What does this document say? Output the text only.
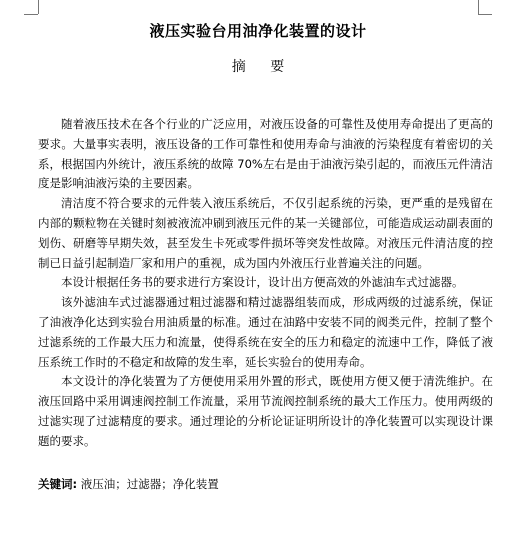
液压实验台用油净化装置的设计
摘 要

随着液压技术在各个行业的广泛应用，对液压设备的可靠性及使用寿命提出了更高的要求。大量事实表明，液压设备的工作可靠性和使用寿命与油液的污染程度有着密切的关系，根据国内外统计，液压系统的故障 70%左右是由于油液污染引起的，而液压元件清洁度是影响油液污染的主要因素。

清洁度不符合要求的元件装入液压系统后，不仅引起系统的污染，更严重的是残留在内部的颗粒物在关键时刻被液流冲刷到液压元件的某一关键部位，可能造成运动副表面的划伤、研磨等早期失效，甚至发生卡死或零件损坏等突发性故障。对液压元件清洁度的控制已日益引起制造厂家和用户的重视，成为国内外液压行业普遍关注的问题。

本设计根据任务书的要求进行方案设计，设计出方便高效的外滤油车式过滤器。

该外滤油车式过滤器通过粗过滤器和精过滤器组装而成，形成两级的过滤系统，保证了油液净化达到实验台用油质量的标准。通过在油路中安装不同的阀类元件，控制了整个过滤系统的工作最大压力和流量，使得系统在安全的压力和稳定的流速中工作，降低了液压系统工作时的不稳定和故障的发生率，延长实验台的使用寿命。

本文设计的净化装置为了方便使用采用外置的形式，既使用方便又便于清洗维护。在液压回路中采用调速阀控制工作流量，采用节流阀控制系统的最大工作压力。使用两级的过滤实现了过滤精度的要求。通过理论的分析论证证明所设计的净化装置可以实现设计课题的要求。

关键词: 液压油；过滤器；净化装置
